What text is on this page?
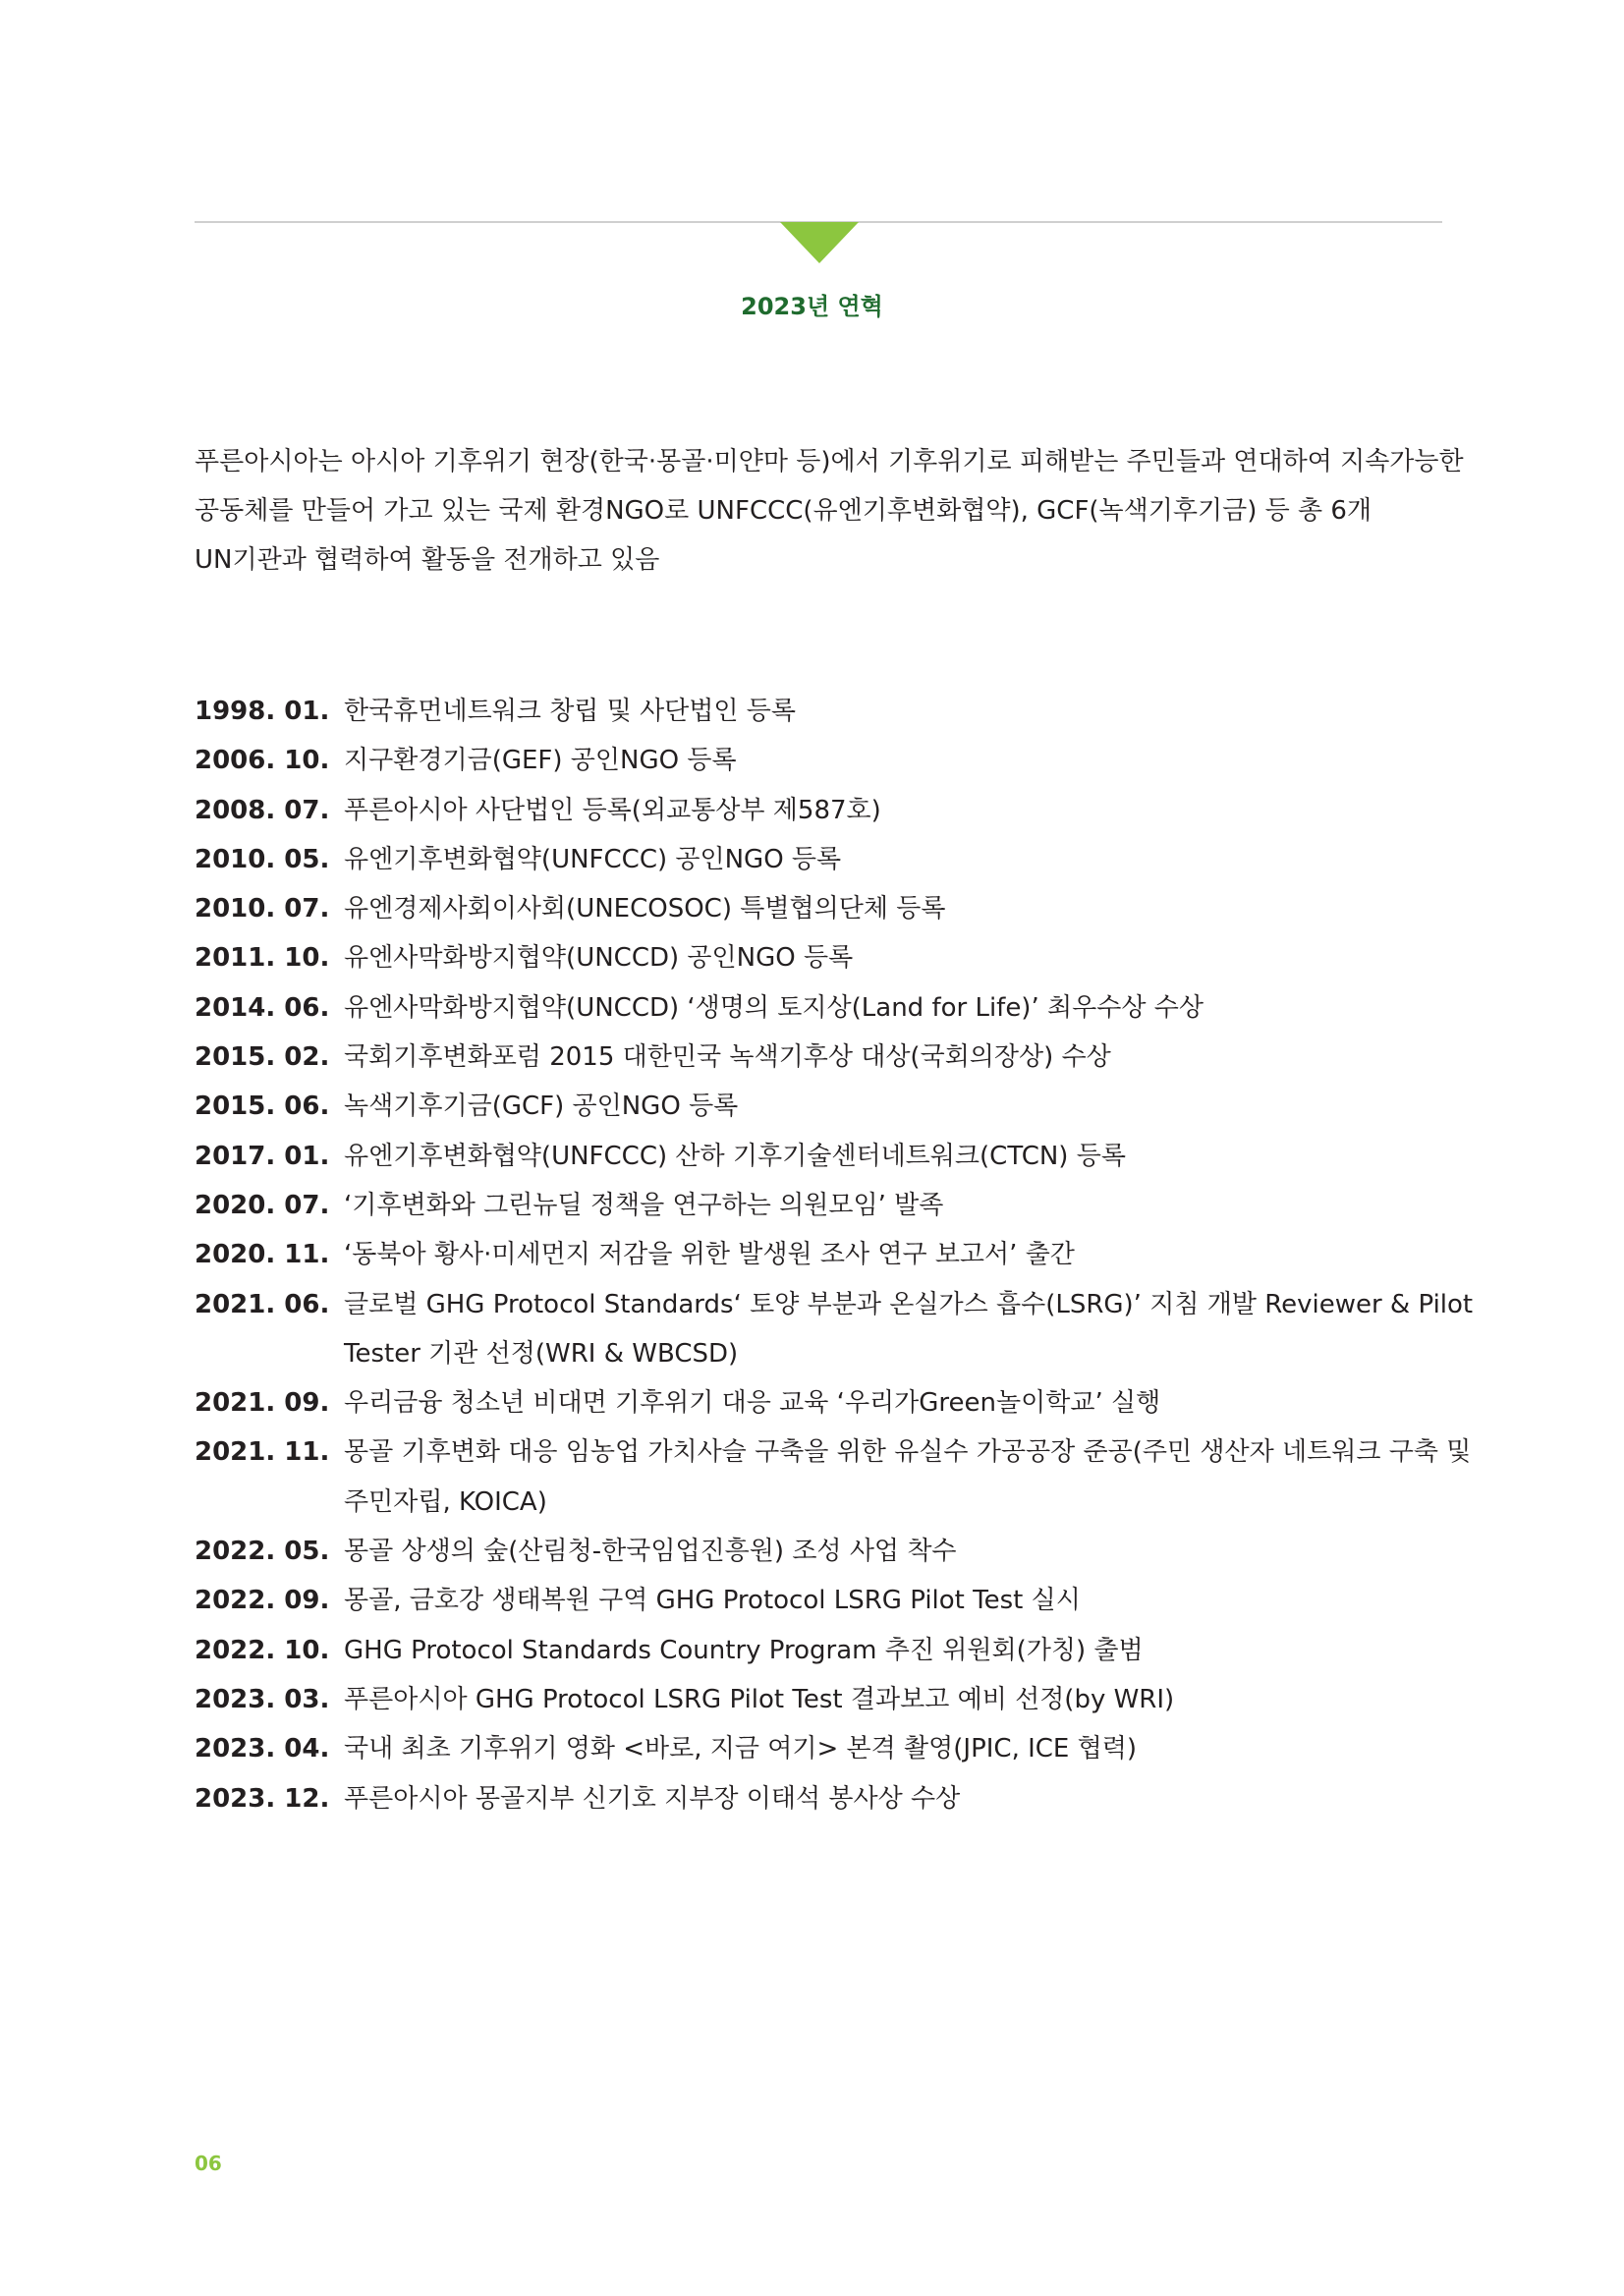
2023년 연혁
푸른아시아는 아시아 기후위기 현장(한국·몽골·미얀마 등)에서 기후위기로 피해받는 주민들과 연대하여 지속가능한
공동체를 만들어 가고 있는 국제 환경NGO로 UNFCCC(유엔기후변화협약), GCF(녹색기후기금) 등 총 6개
UN기관과 협력하여 활동을 전개하고 있음
1998. 01. 한국휴먼네트워크 창립 및 사단법인 등록
2006. 10. 지구환경기금(GEF) 공인NGO 등록
2008. 07. 푸른아시아 사단법인 등록(외교통상부 제587호)
2010. 05. 유엔기후변화협약(UNFCCC) 공인NGO 등록
2010. 07. 유엔경제사회이사회(UNECOSOC) 특별협의단체 등록
2011. 10. 유엔사막화방지협약(UNCCD) 공인NGO 등록
2014. 06. 유엔사막화방지협약(UNCCD) ‘생명의 토지상(Land for Life)’ 최우수상 수상
2015. 02. 국회기후변화포럼 2015 대한민국 녹색기후상 대상(국회의장상) 수상
2015. 06. 녹색기후기금(GCF) 공인NGO 등록
2017. 01. 유엔기후변화협약(UNFCCC) 산하 기후기술센터네트워크(CTCN) 등록
2020. 07. ‘기후변화와 그린뉴딜 정책을 연구하는 의원모임’ 발족
2020. 11. ‘동북아 황사·미세먼지 저감을 위한 발생원 조사 연구 보고서’ 출간
2021. 06. 글로벌 GHG Protocol Standards‘ 토양 부분과 온실가스 흡수(LSRG)’ 지침 개발 Reviewer & Pilot
Tester 기관 선정(WRI & WBCSD)
2021. 09. 우리금융 청소년 비대면 기후위기 대응 교육 ‘우리가Green놀이학교’ 실행
2021. 11. 몽골 기후변화 대응 임농업 가치사슬 구축을 위한 유실수 가공공장 준공(주민 생산자 네트워크 구축 및
주민자립, KOICA)
2022. 05. 몽골 상생의 숲(산림청-한국임업진흥원) 조성 사업 착수
2022. 09. 몽골, 금호강 생태복원 구역 GHG Protocol LSRG Pilot Test 실시
2022. 10. GHG Protocol Standards Country Program 추진 위원회(가칭) 출범
2023. 03. 푸른아시아 GHG Protocol LSRG Pilot Test 결과보고 예비 선정(by WRI)
2023. 04. 국내 최초 기후위기 영화 <바로, 지금 여기> 본격 촬영(JPIC, ICE 협력)
2023. 12. 푸른아시아 몽골지부 신기호 지부장 이태석 봉사상 수상
06
